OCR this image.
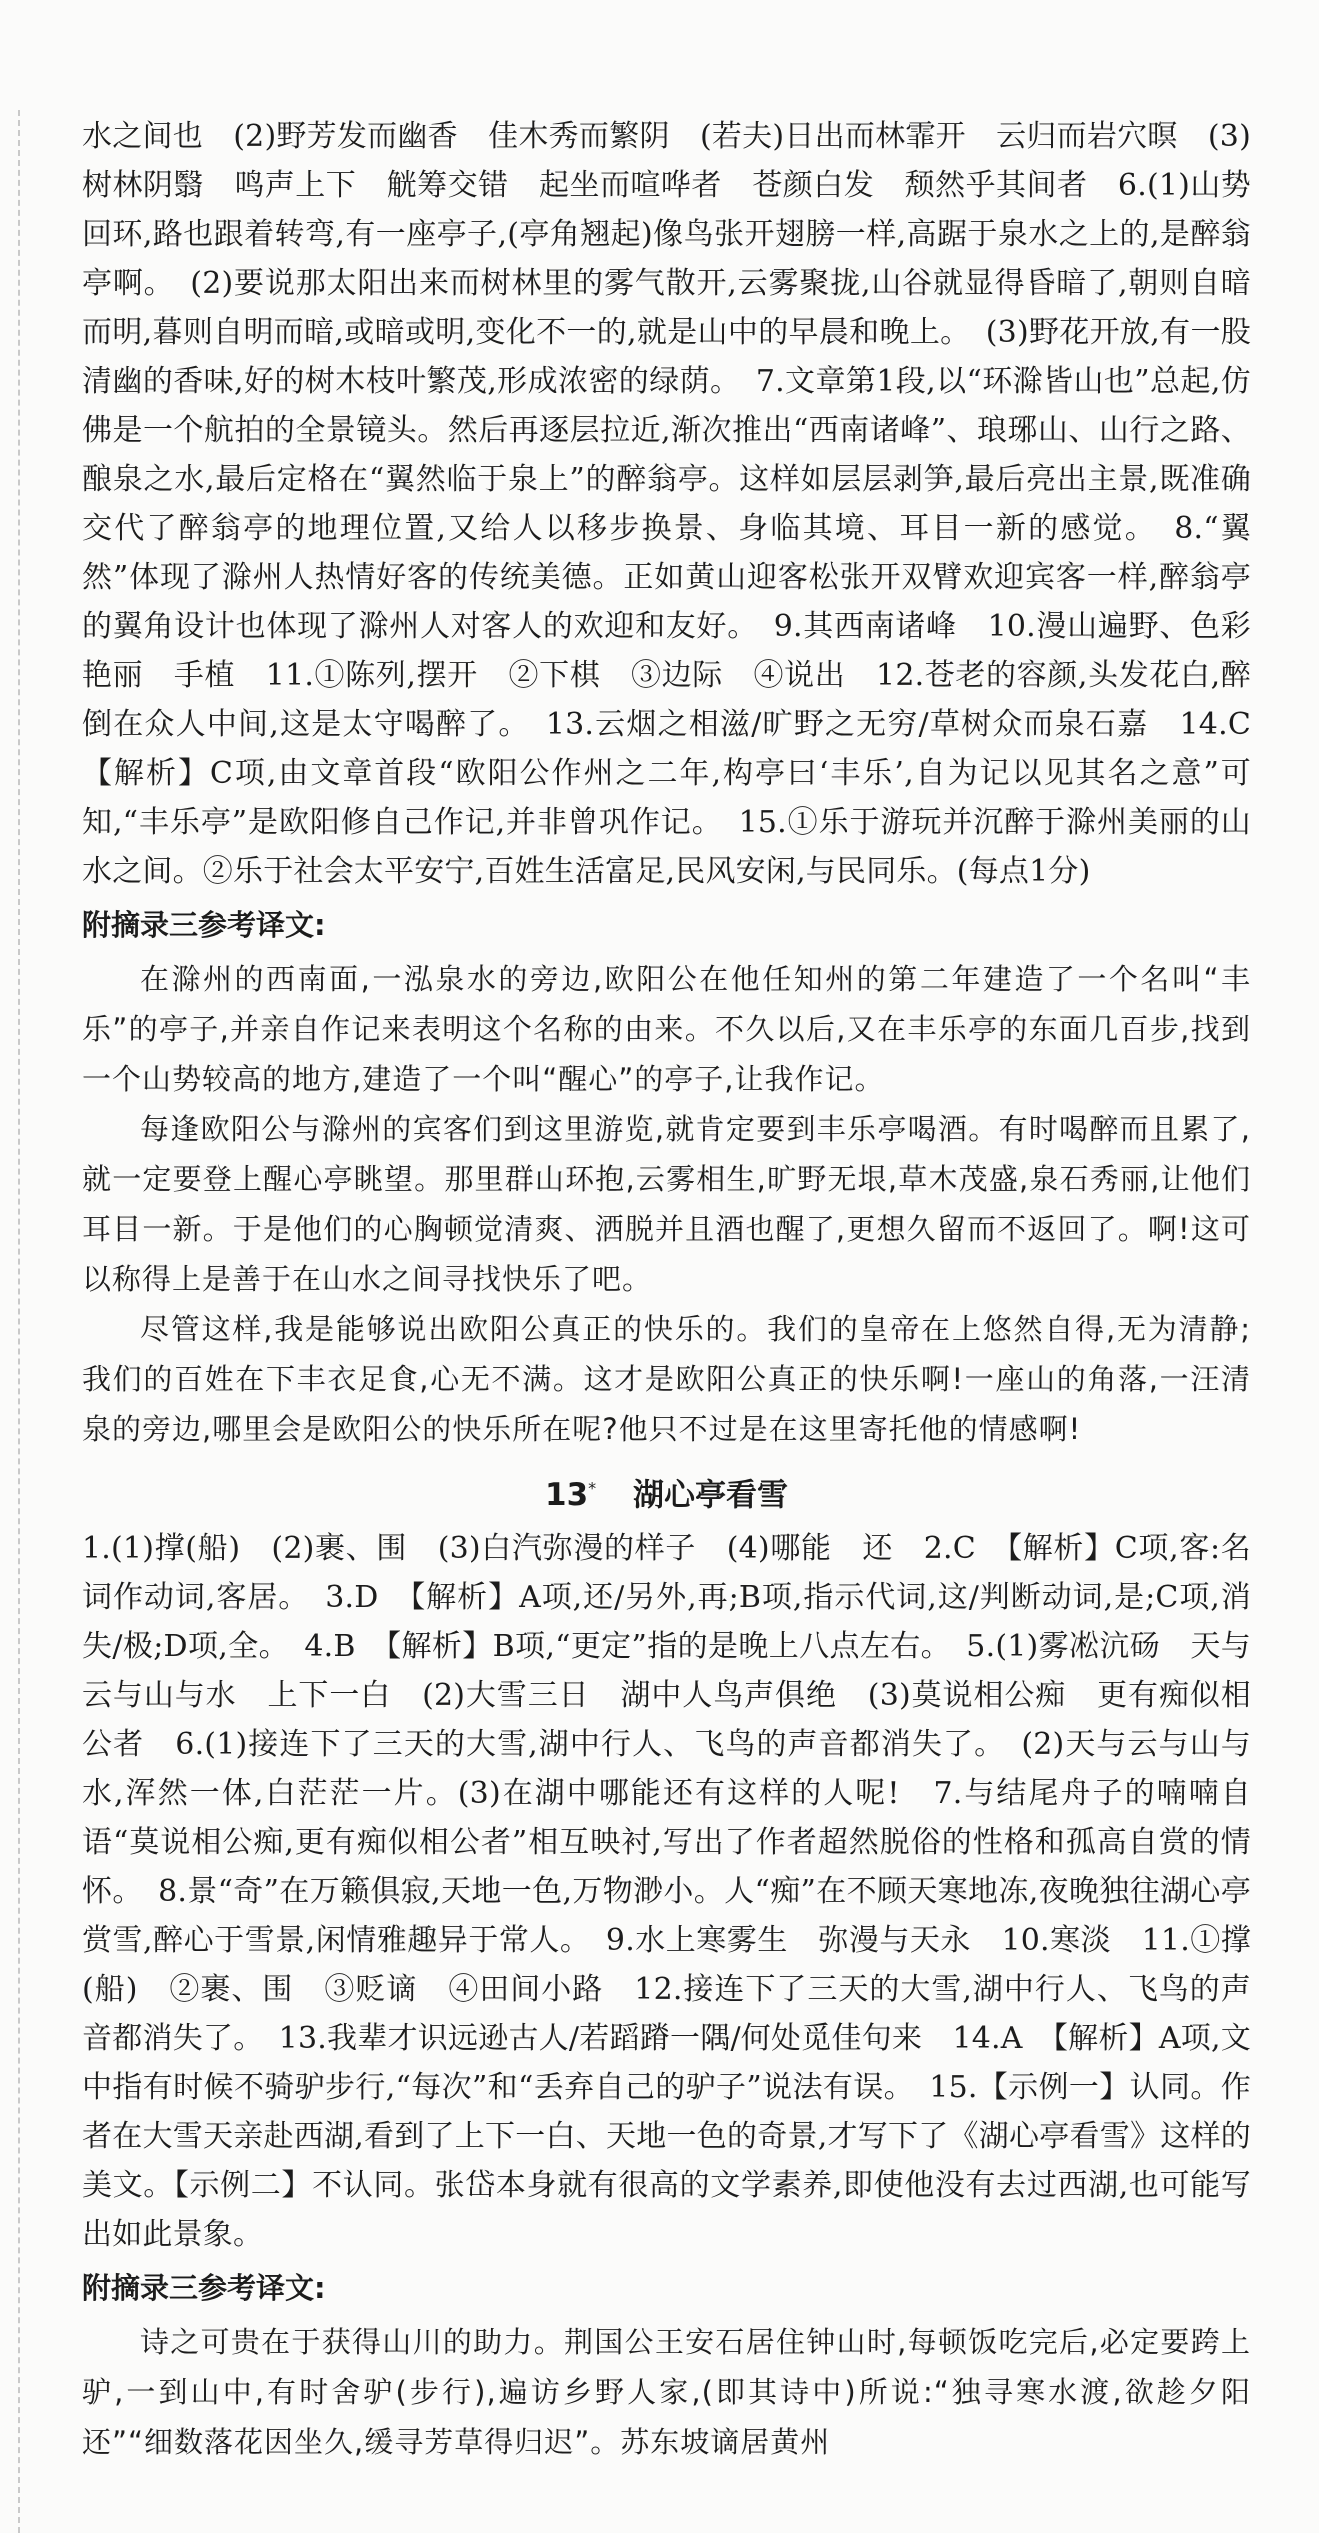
水之间也　(2)野芳发而幽香　佳木秀而繁阴　(若夫)日出而林霏开　云归而岩穴暝　(3)树林阴翳　鸣声上下　觥筹交错　起坐而喧哗者　苍颜白发　颓然乎其间者　6.(1)山势回环,路也跟着转弯,有一座亭子,(亭角翘起)像鸟张开翅膀一样,高踞于泉水之上的,是醉翁亭啊。　(2)要说那太阳出来而树林里的雾气散开,云雾聚拢,山谷就显得昏暗了,朝则自暗而明,暮则自明而暗,或暗或明,变化不一的,就是山中的早晨和晚上。　(3)野花开放,有一股清幽的香味,好的树木枝叶繁茂,形成浓密的绿荫。　7.文章第1段,以“环滁皆山也”总起,仿佛是一个航拍的全景镜头。然后再逐层拉近,渐次推出“西南诸峰”、琅琊山、山行之路、酿泉之水,最后定格在“翼然临于泉上”的醉翁亭。这样如层层剥笋,最后亮出主景,既准确交代了醉翁亭的地理位置,又给人以移步换景、身临其境、耳目一新的感觉。　8.“翼然”体现了滁州人热情好客的传统美德。正如黄山迎客松张开双臂欢迎宾客一样,醉翁亭的翼角设计也体现了滁州人对客人的欢迎和友好。　9.其西南诸峰　10.漫山遍野、色彩艳丽　手植　11.①陈列,摆开　②下棋　③边际　④说出　12.苍老的容颜,头发花白,醉倒在众人中间,这是太守喝醉了。　13.云烟之相滋/旷野之无穷/草树众而泉石嘉　14.C　【解析】C项,由文章首段“欧阳公作州之二年,构亭曰‘丰乐’,自为记以见其名之意”可知,“丰乐亭”是欧阳修自己作记,并非曾巩作记。　15.①乐于游玩并沉醉于滁州美丽的山水之间。②乐于社会太平安宁,百姓生活富足,民风安闲,与民同乐。(每点1分)

附摘录三参考译文:

在滁州的西南面,一泓泉水的旁边,欧阳公在他任知州的第二年建造了一个名叫“丰乐”的亭子,并亲自作记来表明这个名称的由来。不久以后,又在丰乐亭的东面几百步,找到一个山势较高的地方,建造了一个叫“醒心”的亭子,让我作记。

每逢欧阳公与滁州的宾客们到这里游览,就肯定要到丰乐亭喝酒。有时喝醉而且累了,就一定要登上醒心亭眺望。那里群山环抱,云雾相生,旷野无垠,草木茂盛,泉石秀丽,让他们耳目一新。于是他们的心胸顿觉清爽、洒脱并且酒也醒了,更想久留而不返回了。啊!这可以称得上是善于在山水之间寻找快乐了吧。

尽管这样,我是能够说出欧阳公真正的快乐的。我们的皇帝在上悠然自得,无为清静;我们的百姓在下丰衣足食,心无不满。这才是欧阳公真正的快乐啊!一座山的角落,一汪清泉的旁边,哪里会是欧阳公的快乐所在呢?他只不过是在这里寄托他的情感啊!

13* 湖心亭看雪

1.(1)撑(船)　(2)裹、围　(3)白汽弥漫的样子　(4)哪能　还　2.C　【解析】C项,客:名词作动词,客居。　3.D　【解析】A项,还/另外,再;B项,指示代词,这/判断动词,是;C项,消失/极;D项,全。　4.B　【解析】B项,“更定”指的是晚上八点左右。　5.(1)雾凇沆砀　天与云与山与水　上下一白　(2)大雪三日　湖中人鸟声俱绝　(3)莫说相公痴　更有痴似相公者　6.(1)接连下了三天的大雪,湖中行人、飞鸟的声音都消失了。　(2)天与云与山与水,浑然一体,白茫茫一片。(3)在湖中哪能还有这样的人呢!　7.与结尾舟子的喃喃自语“莫说相公痴,更有痴似相公者”相互映衬,写出了作者超然脱俗的性格和孤高自赏的情怀。　8.景“奇”在万籁俱寂,天地一色,万物渺小。人“痴”在不顾天寒地冻,夜晚独往湖心亭赏雪,醉心于雪景,闲情雅趣异于常人。　9.水上寒雾生　弥漫与天永　10.寒淡　11.①撑(船)　②裹、围　③贬谪　④田间小路　12.接连下了三天的大雪,湖中行人、飞鸟的声音都消失了。　13.我辈才识远逊古人/若蹈蹐一隅/何处觅佳句来　14.A　【解析】A项,文中指有时候不骑驴步行,“每次”和“丢弃自己的驴子”说法有误。　15.【示例一】认同。作者在大雪天亲赴西湖,看到了上下一白、天地一色的奇景,才写下了《湖心亭看雪》这样的美文。【示例二】不认同。张岱本身就有很高的文学素养,即使他没有去过西湖,也可能写出如此景象。

附摘录三参考译文:

诗之可贵在于获得山川的助力。荆国公王安石居住钟山时,每顿饭吃完后,必定要跨上驴,一到山中,有时舍驴(步行),遍访乡野人家,(即其诗中)所说:“独寻寒水渡,欲趁夕阳还”“细数落花因坐久,缓寻芳草得归迟”。苏东坡谪居黄州
